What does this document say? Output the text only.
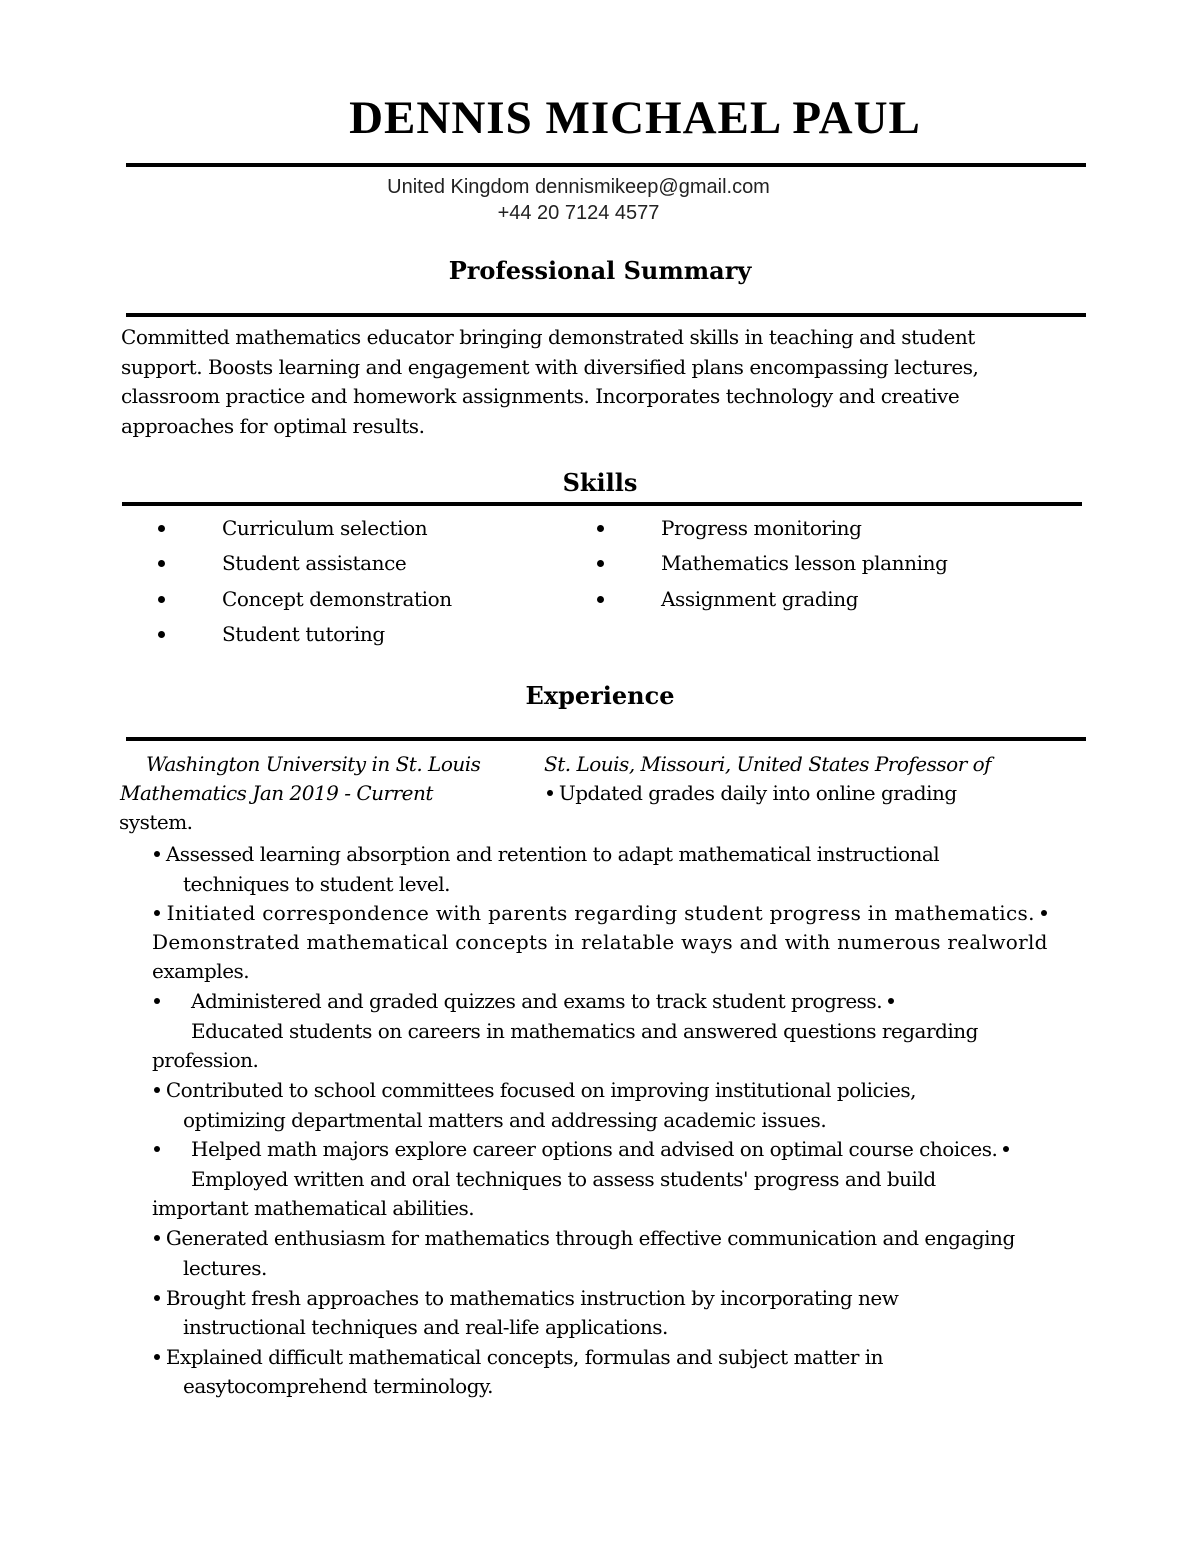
DENNIS MICHAEL PAUL

United Kingdom dennismikeep@gmail.com

+44 20 7124 4577

Professional Summary
Committed mathematics educator bringing demonstrated skills in teaching and student
support. Boosts learning and engagement with diversified plans encompassing lectures,
classroom practice and homework assignments. Incorporates technology and creative
approaches for optimal results.
Skills
Curriculum selection
Student assistance
Concept demonstration
Student tutoring
Progress monitoring
Mathematics lesson planning
Assignment grading
Experience

Washington University in St. Louis	St. Louis, Missouri, United States Professor of

Mathematics Jan 2019 - Current	Updated grades daily into online grading

system.

Assessed learning absorption and retention to adapt mathematical instructional

techniques to student level.

Initiated correspondence with parents regarding student progress in mathematics.

Demonstrated mathematical concepts in relatable ways and with numerous realworld

examples.

Administered and graded quizzes and exams to track student progress.

Educated students on careers in mathematics and answered questions regarding

profession.

Contributed to school committees focused on improving institutional policies,

optimizing departmental matters and addressing academic issues.

Helped math majors explore career options and advised on optimal course choices.

Employed written and oral techniques to assess students' progress and build

important mathematical abilities.

Generated enthusiasm for mathematics through effective communication and engaging

lectures.

Brought fresh approaches to mathematics instruction by incorporating new

instructional techniques and real-life applications.

Explained difficult mathematical concepts, formulas and subject matter in

easytocomprehend terminology.
